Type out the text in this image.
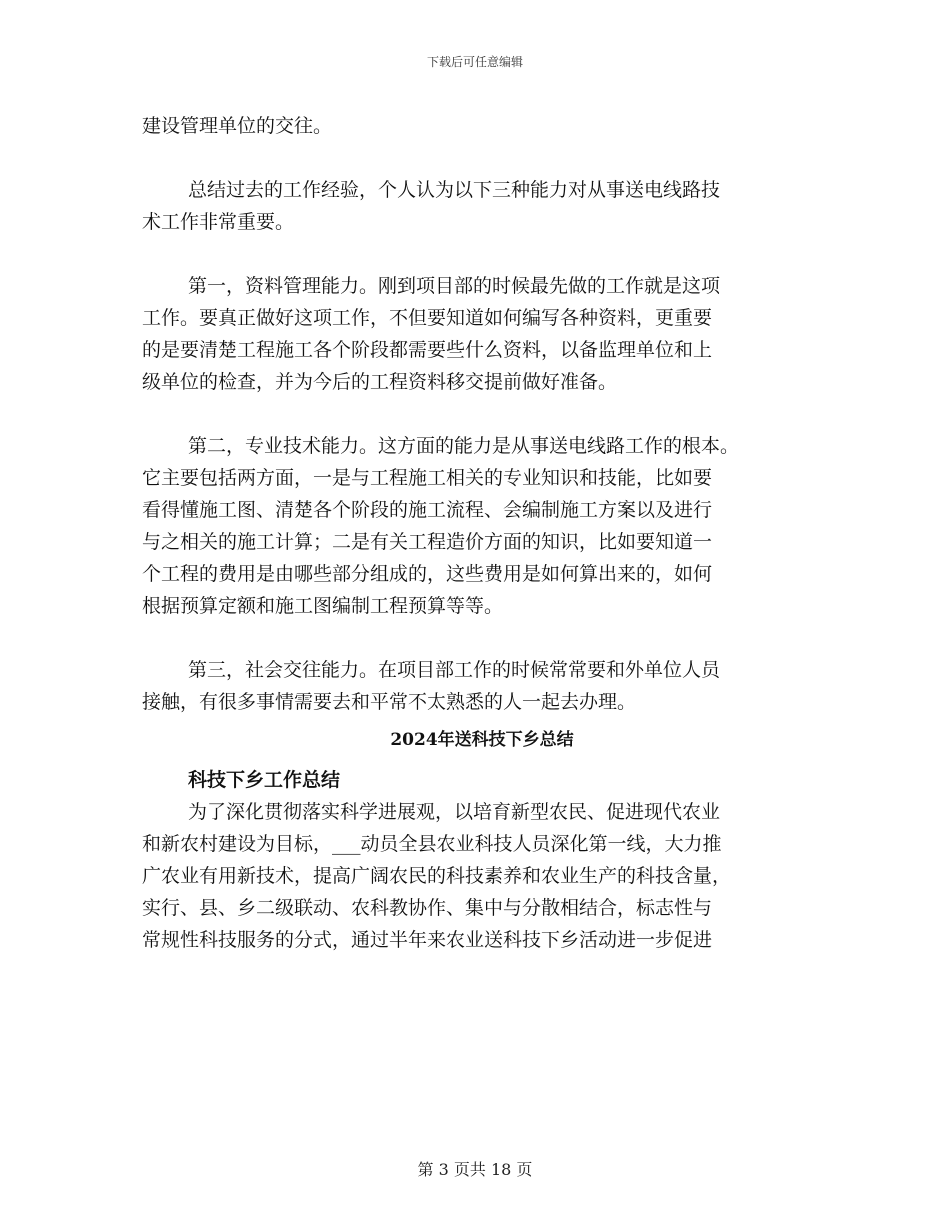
下载后可任意编辑
建设管理单位的交往。
总结过去的工作经验，个人认为以下三种能力对从事送电线路技
术工作非常重要。
第一，资料管理能力。刚到项目部的时候最先做的工作就是这项
工作。要真正做好这项工作，不但要知道如何编写各种资料，更重要
的是要清楚工程施工各个阶段都需要些什么资料，以备监理单位和上
级单位的检查，并为今后的工程资料移交提前做好准备。
第二，专业技术能力。这方面的能力是从事送电线路工作的根本。
它主要包括两方面，一是与工程施工相关的专业知识和技能，比如要
看得懂施工图、清楚各个阶段的施工流程、会编制施工方案以及进行
与之相关的施工计算；二是有关工程造价方面的知识，比如要知道一
个工程的费用是由哪些部分组成的，这些费用是如何算出来的，如何
根据预算定额和施工图编制工程预算等等。
第三，社会交往能力。在项目部工作的时候常常要和外单位人员
接触，有很多事情需要去和平常不太熟悉的人一起去办理。
2024年送科技下乡总结
科技下乡工作总结
为了深化贯彻落实科学进展观，以培育新型农民、促进现代农业
和新农村建设为目标，___动员全县农业科技人员深化第一线，大力推
广农业有用新技术，提高广阔农民的科技素养和农业生产的科技含量，
实行、县、乡二级联动、农科教协作、集中与分散相结合，标志性与
常规性科技服务的分式，通过半年来农业送科技下乡活动进一步促进
第 3 页共 18 页
